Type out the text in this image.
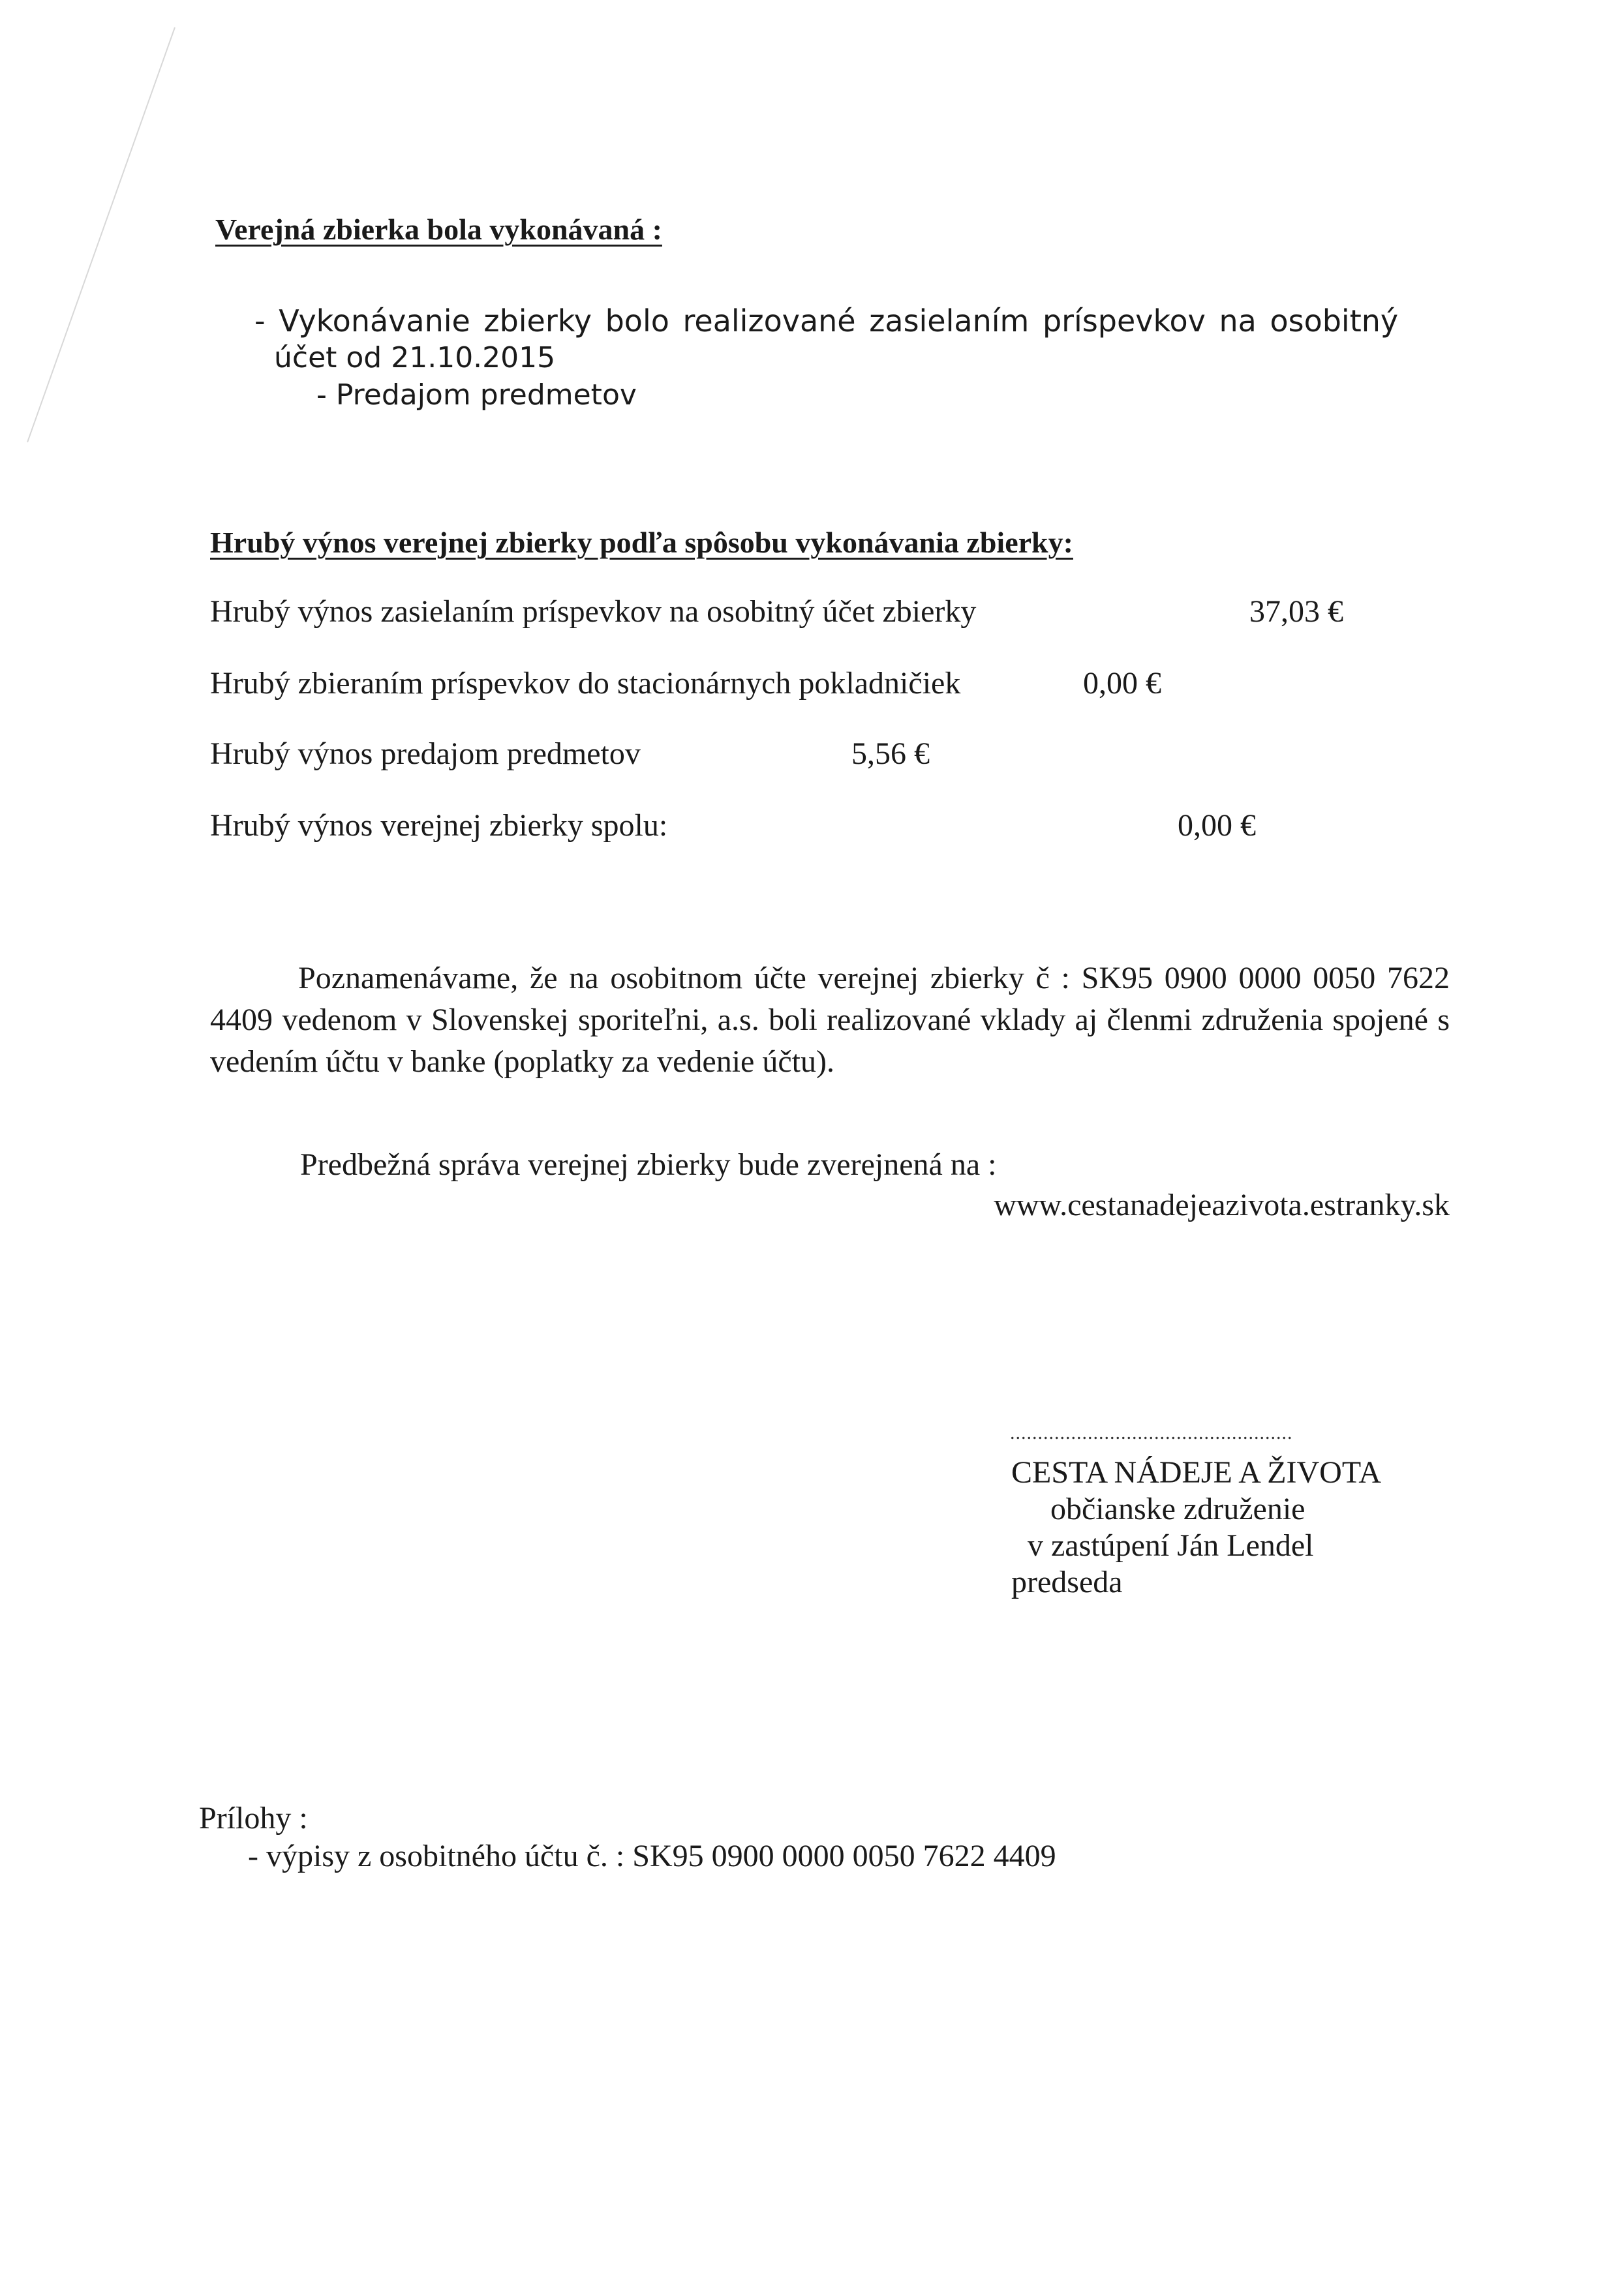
Verejná zbierka bola vykonávaná :
- Vykonávanie zbierky bolo realizované zasielaním príspevkov na osobitný
účet od 21.10.2015
- Predajom predmetov
Hrubý výnos verejnej zbierky podľa spôsobu vykonávania zbierky:
Hrubý výnos zasielaním príspevkov na osobitný účet zbierky	37,03 €
Hrubý zbieraním príspevkov do stacionárnych pokladničiek	0,00 €
Hrubý výnos predajom predmetov	5,56 €
Hrubý výnos verejnej zbierky spolu:	0,00 €
Poznamenávame, že na osobitnom účte verejnej zbierky č : SK95 0900 0000 0050 7622 4409 vedenom v Slovenskej sporiteľni, a.s. boli realizované vklady aj členmi združenia spojené s vedením účtu v banke (poplatky za vedenie účtu).
Predbežná správa verejnej zbierky bude zverejnená na :
www.cestanadejeazivota.estranky.sk
...................................................
CESTA NÁDEJE A ŽIVOTA
občianske združenie
v zastúpení Ján Lendel
predseda
Prílohy :
- výpisy z osobitného účtu č. : SK95 0900 0000 0050 7622 4409
